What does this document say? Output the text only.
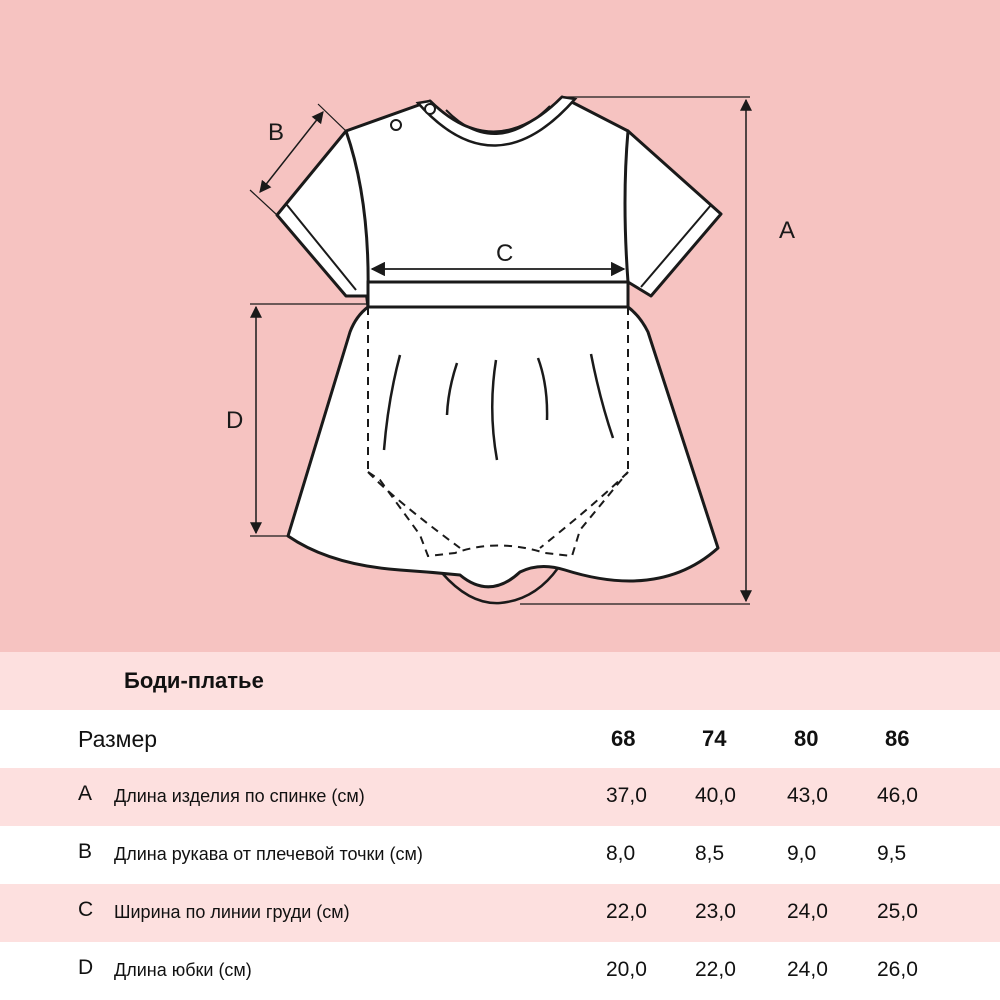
A
B
C
D
Боди-платье
Размер	68	74	80	86
A Длина изделия по спинке (см)	37,0 40,0 43,0 46,0
B Длина рукава от плечевой точки (см)	8,0	8,5	9,0	9,5
C Ширина по линии груди (см)	22,0 23,0 24,0 25,0
D Длина юбки (см)	20,0 22,0 24,0 26,0
